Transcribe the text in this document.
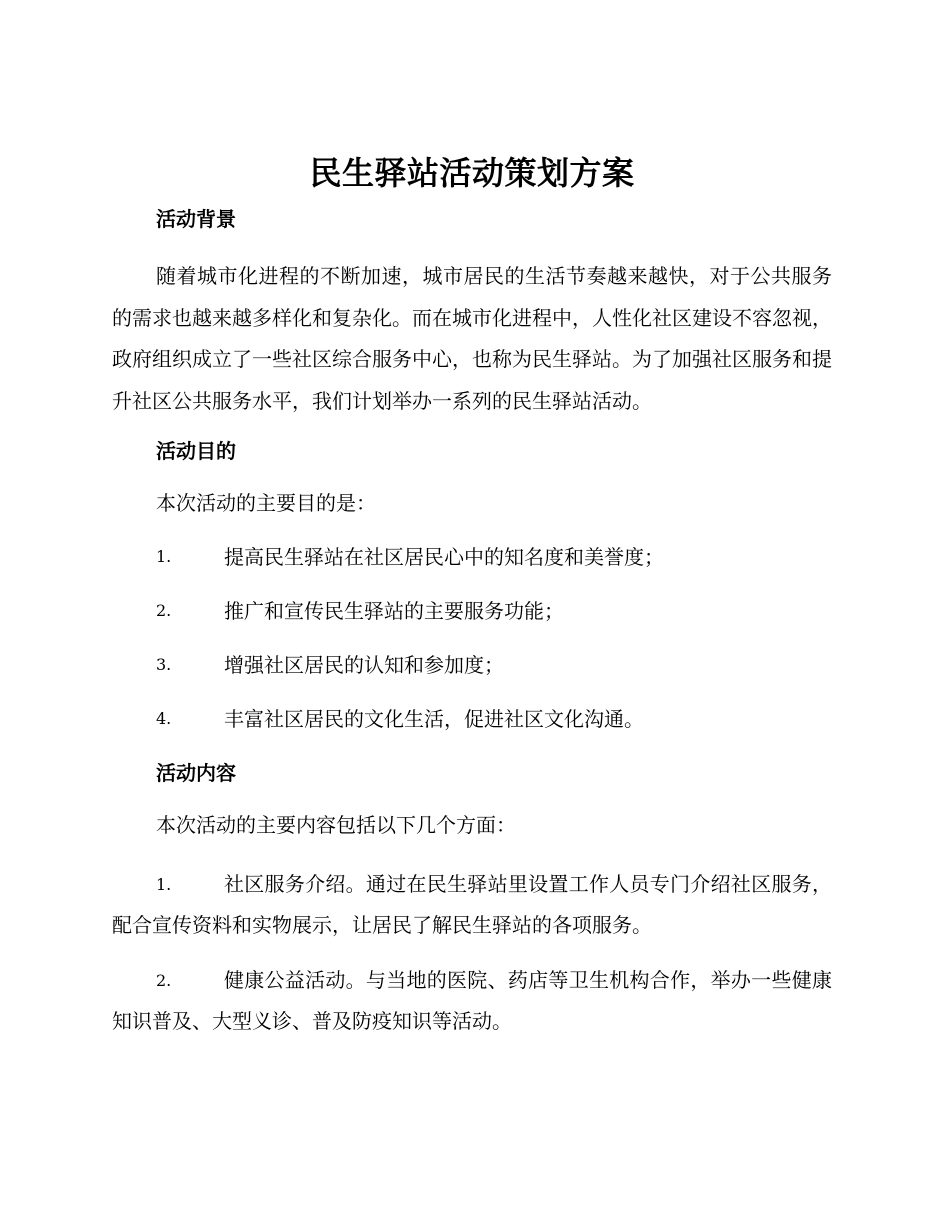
民生驿站活动策划方案
活动背景

随着城市化进程的不断加速，城市居民的生活节奏越来越快，对于公共服务的需求也越来越多样化和复杂化。而在城市化进程中，人性化社区建设不容忽视，政府组织成立了一些社区综合服务中心，也称为民生驿站。为了加强社区服务和提升社区公共服务水平，我们计划举办一系列的民生驿站活动。

活动目的
本次活动的主要目的是：
1.	提高民生驿站在社区居民心中的知名度和美誉度；
2.	推广和宣传民生驿站的主要服务功能；
3.	增强社区居民的认知和参加度；
4.	丰富社区居民的文化生活，促进社区文化沟通。
活动内容
本次活动的主要内容包括以下几个方面：
1.	社区服务介绍。通过在民生驿站里设置工作人员专门介绍社区服务，配合宣传资料和实物展示，让居民了解民生驿站的各项服务。
2.	健康公益活动。与当地的医院、药店等卫生机构合作，举办一些健康知识普及、大型义诊、普及防疫知识等活动。
